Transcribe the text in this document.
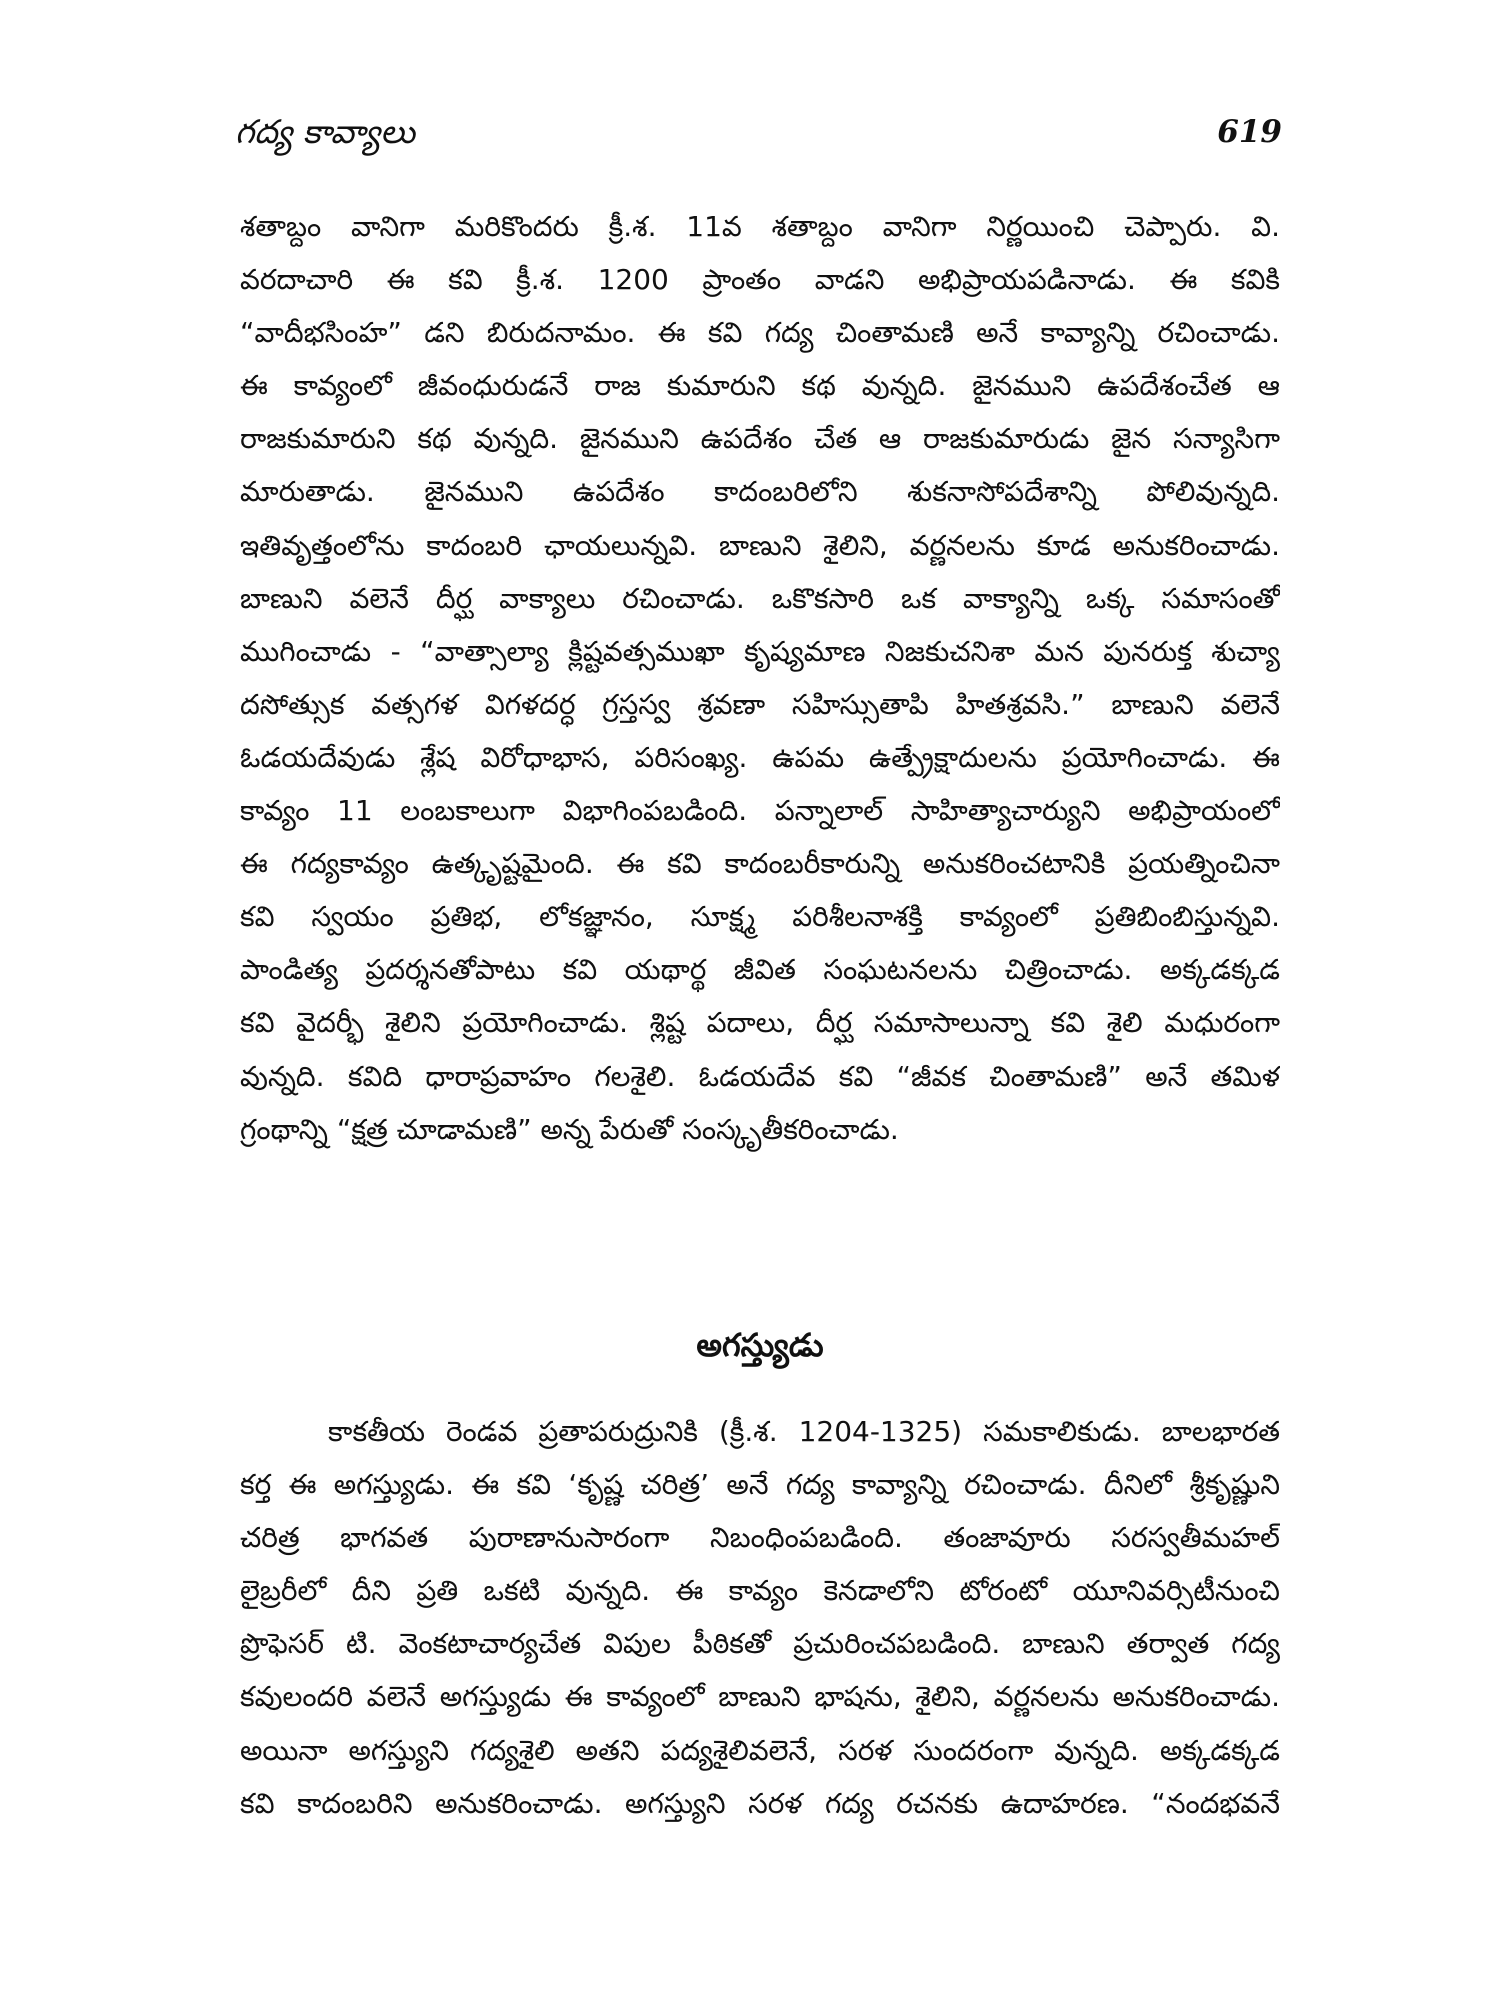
గద్య కావ్యాలు	619
శతాబ్దం వానిగా మరికొందరు క్రీ.శ. 11వ శతాబ్దం వానిగా నిర్ణయించి చెప్పారు. వి.
వరదాచారి ఈ కవి క్రీ.శ. 1200 ప్రాంతం వాడని అభిప్రాయపడినాడు. ఈ కవికి
“వాదీభసింహ” డని బిరుదనామం. ఈ కవి గద్య చింతామణి అనే కావ్యాన్ని రచించాడు.
ఈ కావ్యంలో జీవంధురుడనే రాజ కుమారుని కథ వున్నది. జైనముని ఉపదేశంచేత ఆ
రాజకుమారుని కథ వున్నది. జైనముని ఉపదేశం చేత ఆ రాజకుమారుడు జైన సన్యాసిగా
మారుతాడు. జైనముని ఉపదేశం కాదంబరిలోని శుకనాసోపదేశాన్ని పోలివున్నది.
ఇతివృత్తంలోను కాదంబరి ఛాయలున్నవి. బాణుని శైలిని, వర్ణనలను కూడ అనుకరించాడు.
బాణుని వలెనే దీర్ఘ వాక్యాలు రచించాడు. ఒకొకసారి ఒక వాక్యాన్ని ఒక్క సమాసంతో
ముగించాడు - “వాత్సాల్యా క్లిష్టవత్సముఖా కృష్యమాణ నిజకుచనిశా మన పునరుక్త శుచ్యా
దసోత్సుక వత్సగళ విగళదర్ధ గ్రస్తస్వ శ్రవణా సహిస్సుతాపి హితశ్రవసి.” బాణుని వలెనే
ఓడయదేవుడు శ్లేష విరోధాభాస, పరిసంఖ్య. ఉపమ ఉత్ప్రేక్షాదులను ప్రయోగించాడు. ఈ
కావ్యం 11 లంబకాలుగా విభాగింపబడింది. పన్నాలాల్ సాహిత్యాచార్యుని అభిప్రాయంలో
ఈ గద్యకావ్యం ఉత్కృష్టమైంది. ఈ కవి కాదంబరీకారున్ని అనుకరించటానికి ప్రయత్నించినా
కవి స్వయం ప్రతిభ, లోకజ్ఞానం, సూక్ష్మ పరిశీలనాశక్తి కావ్యంలో ప్రతిబింబిస్తున్నవి.
పాండిత్య ప్రదర్శనతోపాటు కవి యథార్థ జీవిత సంఘటనలను చిత్రించాడు. అక్కడక్కడ
కవి వైదర్భీ శైలిని ప్రయోగించాడు. శ్లిష్ట పదాలు, దీర్ఘ సమాసాలున్నా కవి శైలి మధురంగా
వున్నది. కవిది ధారాప్రవాహం గలశైలి. ఓడయదేవ కవి “జీవక చింతామణి” అనే తమిళ
గ్రంథాన్ని “క్షత్ర చూడామణి” అన్న పేరుతో సంస్కృతీకరించాడు.
అగస్త్యుడు
కాకతీయ రెండవ ప్రతాపరుద్రునికి (క్రీ.శ. 1204-1325) సమకాలికుడు. బాలభారత
కర్త ఈ అగస్త్యుడు. ఈ కవి ‘కృష్ణ చరిత్ర’ అనే గద్య కావ్యాన్ని రచించాడు. దీనిలో శ్రీకృష్ణుని
చరిత్ర భాగవత పురాణానుసారంగా నిబంధింపబడింది. తంజావూరు సరస్వతీమహల్
లైబ్రరీలో దీని ప్రతి ఒకటి వున్నది. ఈ కావ్యం కెనడాలోని టోరంటో యూనివర్సిటీనుంచి
ప్రొఫెసర్ టి. వెంకటాచార్యచేత విపుల పీఠికతో ప్రచురించపబడింది. బాణుని తర్వాత గద్య
కవులందరి వలెనే అగస్త్యుడు ఈ కావ్యంలో బాణుని భాషను, శైలిని, వర్ణనలను అనుకరించాడు.
అయినా అగస్త్యుని గద్యశైలి అతని పద్యశైలివలెనే, సరళ సుందరంగా వున్నది. అక్కడక్కడ
కవి కాదంబరిని అనుకరించాడు. అగస్త్యుని సరళ గద్య రచనకు ఉదాహరణ. “నందభవనే
